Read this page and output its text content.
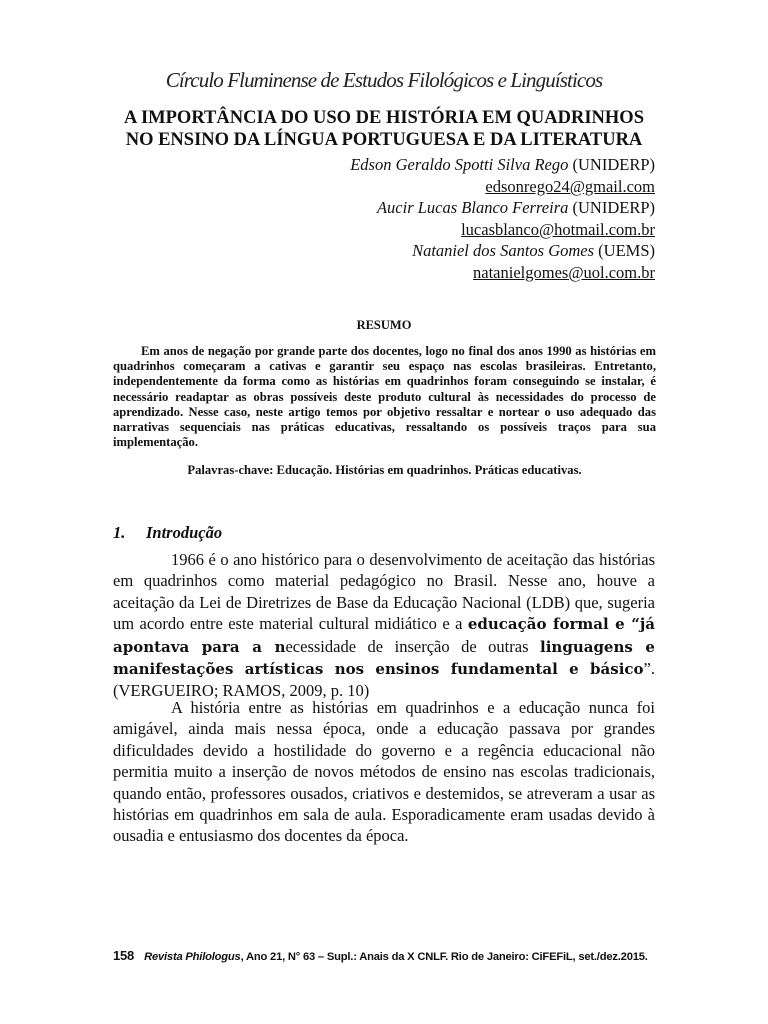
Círculo Fluminense de Estudos Filológicos e Linguísticos
A IMPORTÂNCIA DO USO DE HISTÓRIA EM QUADRINHOS
NO ENSINO DA LÍNGUA PORTUGUESA E DA LITERATURA
Edson Geraldo Spotti Silva Rego (UNIDERP)
edsonrego24@gmail.com
Aucir Lucas Blanco Ferreira (UNIDERP)
lucasblanco@hotmail.com.br
Nataniel dos Santos Gomes (UEMS)
natanielgomes@uol.com.br
RESUMO

Em anos de negação por grande parte dos docentes, logo no final dos anos 1990 as histórias em quadrinhos começaram a cativas e garantir seu espaço nas escolas brasileiras. Entretanto, independentemente da forma como as histórias em quadrinhos foram conseguindo se instalar, é necessário readaptar as obras possíveis deste produto cultural às necessidades do processo de aprendizado. Nesse caso, neste artigo temos por objetivo ressaltar e nortear o uso adequado das narrativas sequenciais nas práticas educativas, ressaltando os possíveis traços para sua implementação.

Palavras-chave: Educação. Histórias em quadrinhos. Práticas educativas.
1. Introdução

1966 é o ano histórico para o desenvolvimento de aceitação das histórias em quadrinhos como material pedagógico no Brasil. Nesse ano, houve a aceitação da Lei de Diretrizes de Base da Educação Nacional (LDB) que, sugeria um acordo entre este material cultural midiático e a educação formal e “já apontava para a necessidade de inserção de outras linguagens e manifestações artísticas nos ensinos fundamental e básico”. (VERGUEIRO; RAMOS, 2009, p. 10)

A história entre as histórias em quadrinhos e a educação nunca foi amigável, ainda mais nessa época, onde a educação passava por grandes dificuldades devido a hostilidade do governo e a regência educacional não permitia muito a inserção de novos métodos de ensino nas escolas tradicionais, quando então, professores ousados, criativos e destemidos, se atreveram a usar as histórias em quadrinhos em sala de aula. Esporadicamente eram usadas devido à ousadia e entusiasmo dos docentes da época.

158 Revista Philologus, Ano 21, N° 63 – Supl.: Anais da X CNLF. Rio de Janeiro: CiFEFiL, set./dez.2015.
